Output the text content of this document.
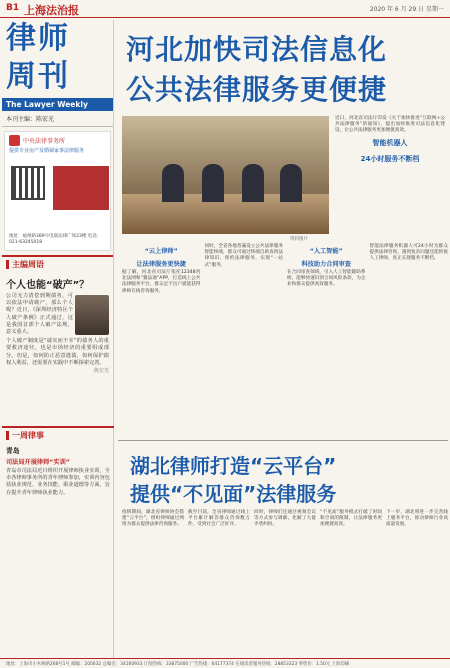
B1 上海法治报	2020 年 6 月 29 日 星期一
律师
周刊
The Lawyer Weekly
本刊主编：陈宏光
中央法律事务所
提供专业房产及婚姻家事法律服务
地址：福州路389号电联法律广场23楼 电话：021-63245018
主编周语
个人也能“破产”？

公司无力清偿到期债务，可以依法申请破产，那么个人呢？近日，《深圳经济特区个人破产条例》正式通过，这是我国首部个人破产法规，意义重大。

个人破产制度是“诚实而不幸”的债务人的重要救济途径，也是市场经济的重要组成部分。但是，如何防止恶意逃债，如何保护债权人利益，还需要在实践中不断探索完善。

陈宏光
一周律事
青岛
司法局开展律师“实训”

青岛市司法局近日组织开展律师执业实训，全市各律师事务所的青年律师参加，实训内容包括执业规范、业务技能、职业道德等方面，旨在提升青年律师执业能力。

河北加快司法信息化
公共法律服务更便捷
资料图片

近日，河北省司法厅印发《关于加快推进“互联网+公共法律服务”的通知》，提出加快推进司法信息化建设，让公共法律服务更加便捷高效。

智能机器人
24小时服务不断档
“云上律师”
让法律服务更快捷

据了解，河北省司法厅依托12348河北法网和“冀法通”APP，打造线上公共法律服务平台，群众足不出户就能获得律师在线咨询服务。

同时，全省各地普遍设立公共法律服务智能终端，群众可通过终端自助查询法律知识、预约法律服务，实现“一站式”服务。

“人工智能”
科技助力合同审查

在合同审查领域，引入人工智能辅助系统，能够快速识别合同风险条款，为企业和群众提供高效服务。

智能法律服务机器人可24小时为群众提供法律咨询，遇到复杂问题还能转接人工律师，真正实现服务不断档。

湖北律师打造“云平台”
提供“不见面”法律服务

疫情期间，湖北省律师协会搭建“云平台”，组织律师通过网络为群众提供法律咨询服务。

截至目前，全省律师通过线上平台累计解答群众咨询数万件，受到社会广泛好评。

同时，律师们还通过视频会议等方式参与调解，化解了大量矛盾纠纷。

“不见面”服务模式打破了时间和空间的限制，让法律服务更加便捷高效。

下一步，湖北将进一步完善线上服务平台，推动律师行业高质量发展。

地址：上海市小木桥路268号1号 邮编：200032 总编室：34160933 订阅热线：33875000 广告热线：64177374 在线读者服务热线：28853323 零售价：1.50元 上海印刷
